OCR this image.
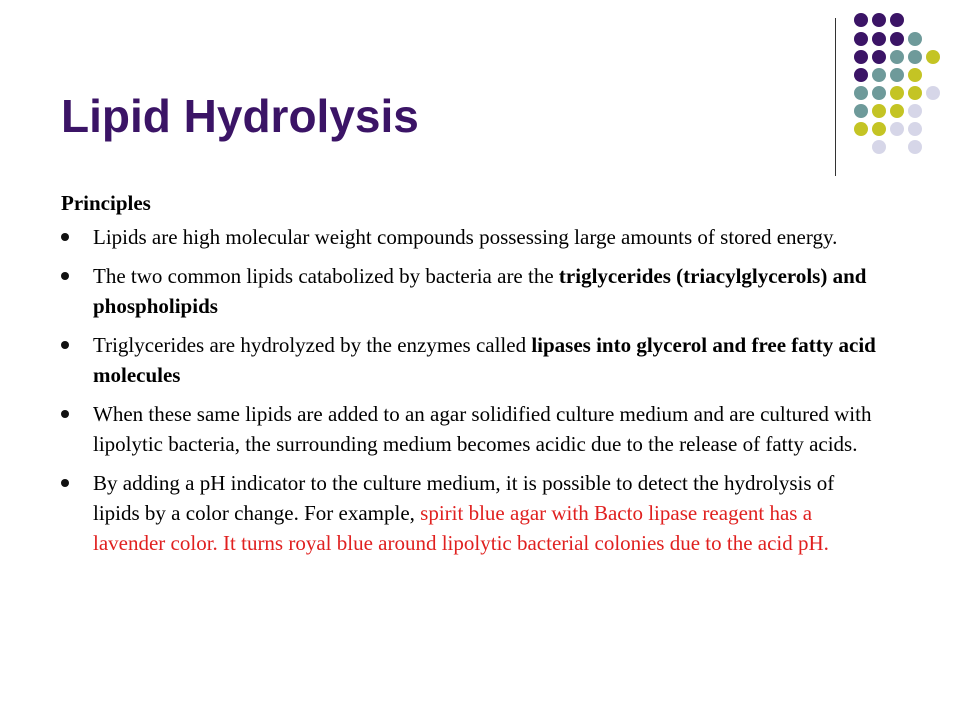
Lipid Hydrolysis

Principles

Lipids are high molecular weight compounds possessing large amounts of stored energy.
The two common lipids catabolized by bacteria are the triglycerides (triacylglycerols) and phospholipids
Triglycerides are hydrolyzed by the enzymes called lipases into glycerol and free fatty acid molecules
When these same lipids are added to an agar solidified culture medium and are cultured with lipolytic bacteria, the surrounding medium becomes acidic due to the release of fatty acids.
By adding a pH indicator to the culture medium, it is possible to detect the hydrolysis of lipids by a color change. For example, spirit blue agar with Bacto lipase reagent has a lavender color. It turns royal blue around lipolytic bacterial colonies due to the acid pH.
